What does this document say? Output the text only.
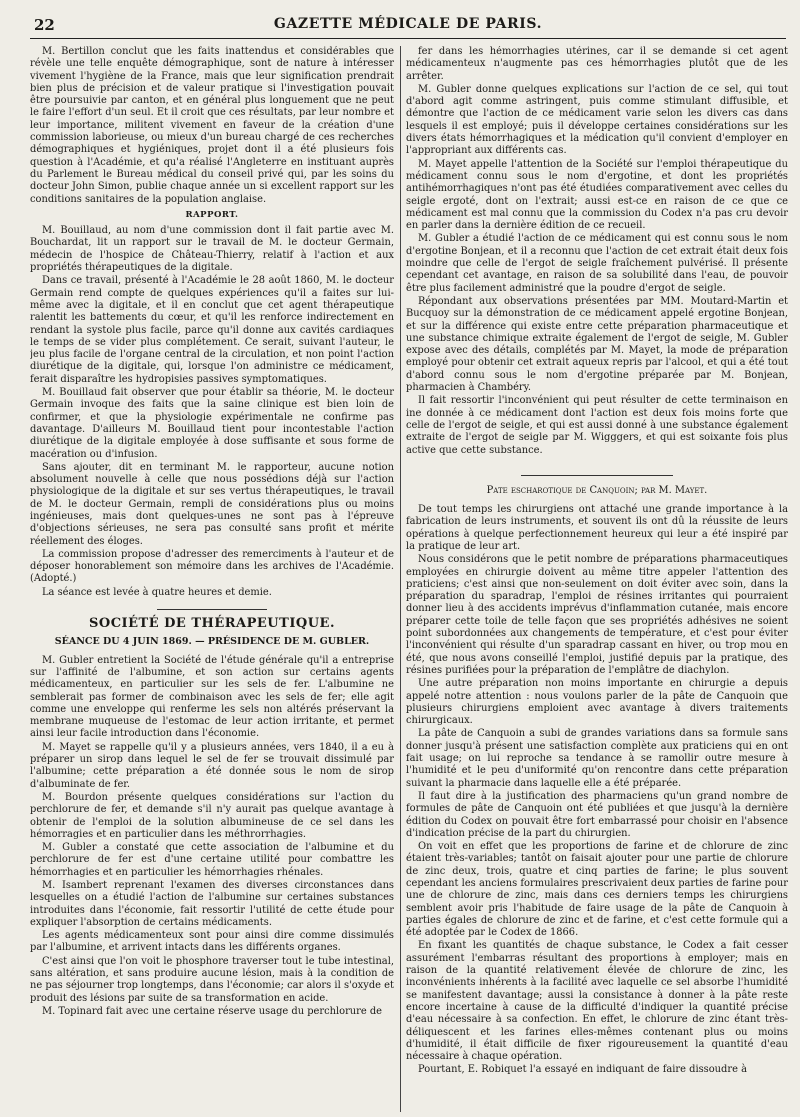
22	GAZETTE MÉDICALE DE PARIS.

M. Bertillon conclut que les faits inattendus et considérables que révèle une telle enquête démographique, sont de nature à intéresser vivement l'hygiène de la France, mais que leur signification prendrait bien plus de précision et de valeur pratique si l'investigation pouvait être poursuivie par canton, et en général plus longuement que ne peut le faire l'effort d'un seul. Et il croit que ces résultats, par leur nombre et leur importance, militent vivement en faveur de la création d'une commission laborieuse, ou mieux d'un bureau chargé de ces recherches démographiques et hygiéniques, projet dont il a été plusieurs fois question à l'Académie, et qu'a réalisé l'Angleterre en instituant auprès du Parlement le Bureau médical du conseil privé qui, par les soins du docteur John Simon, publie chaque année un si excellent rapport sur les conditions sanitaires de la population anglaise.

RAPPORT.

M. Bouillaud, au nom d'une commission dont il fait partie avec M. Bouchardat, lit un rapport sur le travail de M. le docteur Germain, médecin de l'hospice de Château-Thierry, relatif à l'action et aux propriétés thérapeutiques de la digitale.

Dans ce travail, présenté à l'Académie le 28 août 1860, M. le docteur Germain rend compte de quelques expériences qu'il a faites sur lui-même avec la digitale, et il en conclut que cet agent thérapeutique ralentit les battements du cœur, et qu'il les renforce indirectement en rendant la systole plus facile, parce qu'il donne aux cavités cardiaques le temps de se vider plus complétement. Ce serait, suivant l'auteur, le jeu plus facile de l'organe central de la circulation, et non point l'action diurétique de la digitale, qui, lorsque l'on administre ce médicament, ferait disparaître les hydropisies passives symptomatiques.

M. Bouillaud fait observer que pour établir sa théorie, M. le docteur Germain invoque des faits que la saine clinique est bien loin de confirmer, et que la physiologie expérimentale ne confirme pas davantage. D'ailleurs M. Bouillaud tient pour incontestable l'action diurétique de la digitale employée à dose suffisante et sous forme de macération ou d'infusion.

Sans ajouter, dit en terminant M. le rapporteur, aucune notion absolument nouvelle à celle que nous possédions déjà sur l'action physiologique de la digitale et sur ses vertus thérapeutiques, le travail de M. le docteur Germain, rempli de considérations plus ou moins ingénieuses, mais dont quelques-unes ne sont pas à l'épreuve d'objections sérieuses, ne sera pas consulté sans profit et mérite réellement des éloges.

La commission propose d'adresser des remerciments à l'auteur et de déposer honorablement son mémoire dans les archives de l'Académie. (Adopté.)

La séance est levée à quatre heures et demie.

SOCIÉTÉ DE THÉRAPEUTIQUE.

SÉANCE DU 4 JUIN 1869. — PRÉSIDENCE DE M. GUBLER.

M. Gubler entretient la Société de l'étude générale qu'il a entreprise sur l'affinité de l'albumine, et son action sur certains agents médicamenteux, en particulier sur les sels de fer. L'albumine ne semblerait pas former de combinaison avec les sels de fer; elle agit comme une enveloppe qui renferme les sels non altérés préservant la membrane muqueuse de l'estomac de leur action irritante, et permet ainsi leur facile introduction dans l'économie.

M. Mayet se rappelle qu'il y a plusieurs années, vers 1840, il a eu à préparer un sirop dans lequel le sel de fer se trouvait dissimulé par l'albumine; cette préparation a été donnée sous le nom de sirop d'albuminate de fer.

M. Bourdon présente quelques considérations sur l'action du perchlorure de fer, et demande s'il n'y aurait pas quelque avantage à obtenir de l'emploi de la solution albumineuse de ce sel dans les hémorragies et en particulier dans les méthrorrhagies.

M. Gubler a constaté que cette association de l'albumine et du perchlorure de fer est d'une certaine utilité pour combattre les hémorrhagies et en particulier les hémorrhagies rhénales.

M. Isambert reprenant l'examen des diverses circonstances dans lesquelles on a étudié l'action de l'albumine sur certaines substances introduites dans l'économie, fait ressortir l'utilité de cette étude pour expliquer l'absorption de certains médicaments.

Les agents médicamenteux sont pour ainsi dire comme dissimulés par l'albumine, et arrivent intacts dans les différents organes.

C'est ainsi que l'on voit le phosphore traverser tout le tube intestinal, sans altération, et sans produire aucune lésion, mais à la condition de ne pas séjourner trop longtemps, dans l'économie; car alors il s'oxyde et produit des lésions par suite de sa transformation en acide.

M. Topinard fait avec une certaine réserve usage du perchlorure de

fer dans les hémorrhagies utérines, car il se demande si cet agent médicamenteux n'augmente pas ces hémorrhagies plutôt que de les arrêter.

M. Gubler donne quelques explications sur l'action de ce sel, qui tout d'abord agit comme astringent, puis comme stimulant diffusible, et démontre que l'action de ce médicament varie selon les divers cas dans lesquels il est employé; puis il développe certaines considérations sur les divers états hémorrhagiques et la médication qu'il convient d'employer en l'appropriant aux différents cas.

M. Mayet appelle l'attention de la Société sur l'emploi thérapeutique du médicament connu sous le nom d'ergotine, et dont les propriétés antihémorrhagiques n'ont pas été étudiées comparativement avec celles du seigle ergoté, dont on l'extrait; aussi est-ce en raison de ce que ce médicament est mal connu que la commission du Codex n'a pas cru devoir en parler dans la dernière édition de ce recueil.

M. Gubler a étudié l'action de ce médicament qui est connu sous le nom d'ergotine Bonjean, et il a reconnu que l'action de cet extrait était deux fois moindre que celle de l'ergot de seigle fraîchement pulvérisé. Il présente cependant cet avantage, en raison de sa solubilité dans l'eau, de pouvoir être plus facilement administré que la poudre d'ergot de seigle.

Répondant aux observations présentées par MM. Moutard-Martin et Bucquoy sur la démonstration de ce médicament appelé ergotine Bonjean, et sur la différence qui existe entre cette préparation pharmaceutique et une substance chimique extraite également de l'ergot de seigle, M. Gubler expose avec des détails, complétés par M. Mayet, la mode de préparation employé pour obtenir cet extrait aqueux repris par l'alcool, et qui a été tout d'abord connu sous le nom d'ergotine préparée par M. Bonjean, pharmacien à Chambéry.

Il fait ressortir l'inconvénient qui peut résulter de cette terminaison en ine donnée à ce médicament dont l'action est deux fois moins forte que celle de l'ergot de seigle, et qui est aussi donné à une substance également extraite de l'ergot de seigle par M. Wigggers, et qui est soixante fois plus active que cette substance.

Pate escharotique de Canquoin; par M. Mayet.

De tout temps les chirurgiens ont attaché une grande importance à la fabrication de leurs instruments, et souvent ils ont dû la réussite de leurs opérations à quelque perfectionnement heureux qui leur a été inspiré par la pratique de leur art.

Nous considérons que le petit nombre de préparations pharmaceutiques employées en chirurgie doivent au même titre appeler l'attention des praticiens; c'est ainsi que non-seulement on doit éviter avec soin, dans la préparation du sparadrap, l'emploi de résines irritantes qui pourraient donner lieu à des accidents imprévus d'inflammation cutanée, mais encore préparer cette toile de telle façon que ses propriétés adhésives ne soient point subordonnées aux changements de température, et c'est pour éviter l'inconvénient qui résulte d'un sparadrap cassant en hiver, ou trop mou en été, que nous avons conseillé l'emploi, justifié depuis par la pratique, des résines purifiées pour la préparation de l'emplâtre de diachylon.

Une autre préparation non moins importante en chirurgie a depuis appelé notre attention : nous voulons parler de la pâte de Canquoin que plusieurs chirurgiens emploient avec avantage à divers traitements chirurgicaux.

La pâte de Canquoin a subi de grandes variations dans sa formule sans donner jusqu'à présent une satisfaction complète aux praticiens qui en ont fait usage; on lui reproche sa tendance à se ramollir outre mesure à l'humidité et le peu d'uniformité qu'on rencontre dans cette préparation suivant la pharmacie dans laquelle elle a été préparée.

Il faut dire à la justification des pharmaciens qu'un grand nombre de formules de pâte de Canquoin ont été publiées et que jusqu'à la dernière édition du Codex on pouvait être fort embarrassé pour choisir en l'absence d'indication précise de la part du chirurgien.

On voit en effet que les proportions de farine et de chlorure de zinc étaient très-variables; tantôt on faisait ajouter pour une partie de chlorure de zinc deux, trois, quatre et cinq parties de farine; le plus souvent cependant les anciens formulaires prescrivaient deux parties de farine pour une de chlorure de zinc, mais dans ces derniers temps les chirurgiens semblent avoir pris l'habitude de faire usage de la pâte de Canquoin à parties égales de chlorure de zinc et de farine, et c'est cette formule qui a été adoptée par le Codex de 1866.

En fixant les quantités de chaque substance, le Codex a fait cesser assurément l'embarras résultant des proportions à employer; mais en raison de la quantité relativement élevée de chlorure de zinc, les inconvénients inhérents à la facilité avec laquelle ce sel absorbe l'humidité se manifestent davantage; aussi la consistance à donner à la pâte reste encore incertaine à cause de la difficulté d'indiquer la quantité précise d'eau nécessaire à sa confection. En effet, le chlorure de zinc étant très-déliquescent et les farines elles-mêmes contenant plus ou moins d'humidité, il était difficile de fixer rigoureusement la quantité d'eau nécessaire à chaque opération.

Pourtant, E. Robiquet l'a essayé en indiquant de faire dissoudre à
